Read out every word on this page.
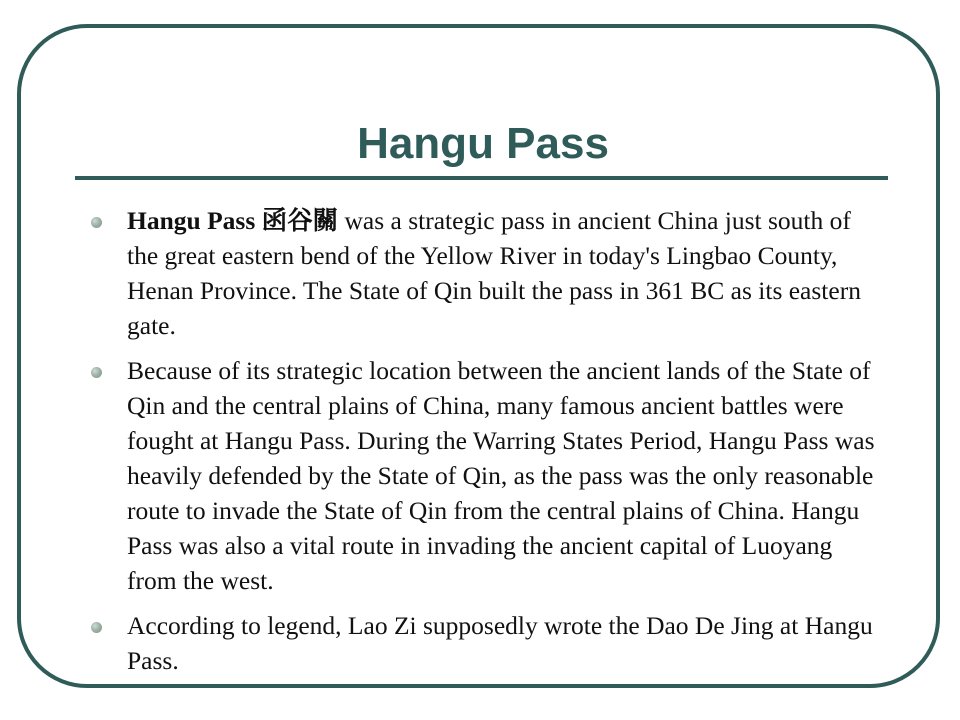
Hangu Pass
Hangu Pass 函谷關 was a strategic pass in ancient China just south of the great eastern bend of the Yellow River in today's Lingbao County, Henan Province. The State of Qin built the pass in 361 BC as its eastern gate.
Because of its strategic location between the ancient lands of the State of Qin and the central plains of China, many famous ancient battles were fought at Hangu Pass. During the Warring States Period, Hangu Pass was heavily defended by the State of Qin, as the pass was the only reasonable route to invade the State of Qin from the central plains of China. Hangu Pass was also a vital route in invading the ancient capital of Luoyang from the west.
According to legend, Lao Zi supposedly wrote the Dao De Jing at Hangu Pass.
